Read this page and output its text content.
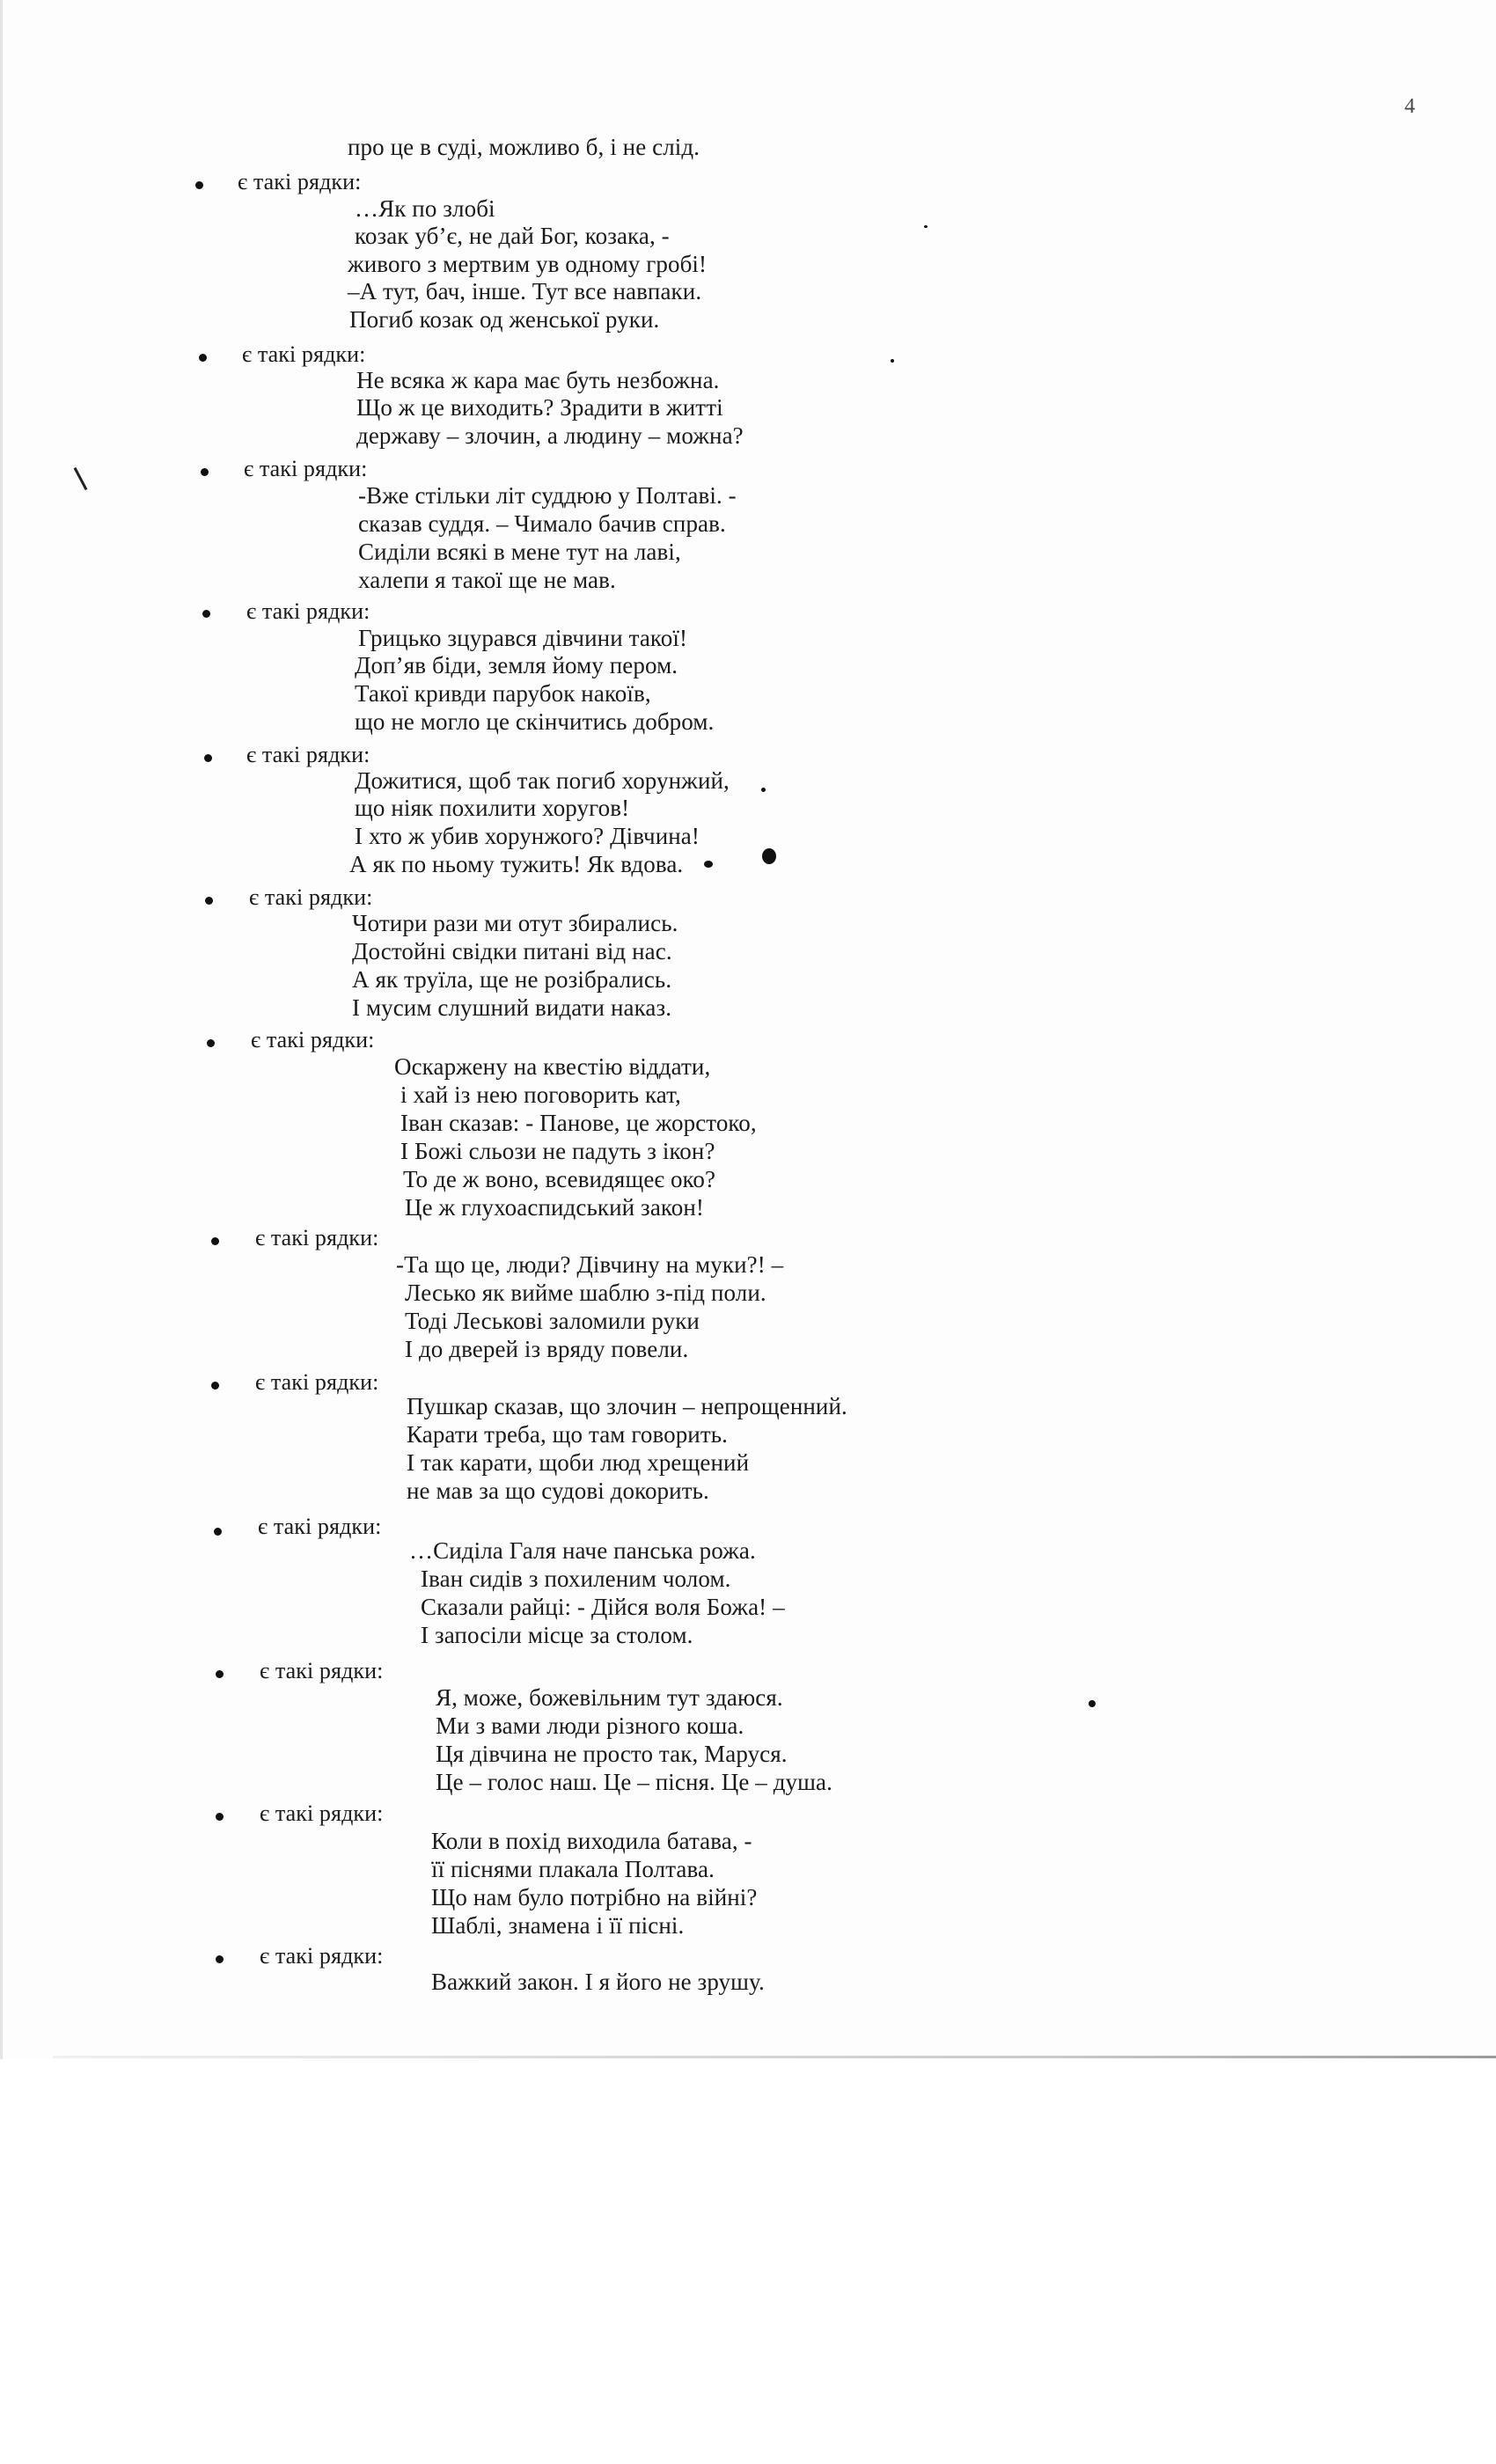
4
про це в суді, можливо б, і не слід.
є такі рядки:
…Як по злобі
козак уб’є, не дай Бог, козака, -
живого з мертвим ув одному гробі!
–А тут, бач, інше. Тут все навпаки.
Погиб козак од женської руки.
є такі рядки:
Не всяка ж кара має буть незбожна.
Що ж це виходить? Зрадити в житті
державу – злочин, а людину – можна?
є такі рядки:
-Вже стільки літ суддюю у Полтаві. -
сказав суддя. – Чимало бачив справ.
Сиділи всякі в мене тут на лаві,
халепи я такої ще не мав.
є такі рядки:
Грицько зцурався дівчини такої!
Доп’яв біди, земля йому пером.
Такої кривди парубок накоїв,
що не могло це скінчитись добром.
є такі рядки:
Дожитися, щоб так погиб хорунжий,
що ніяк похилити хоругов!
І хто ж убив хорунжого? Дівчина!
А як по ньому тужить! Як вдова.
є такі рядки:
Чотири рази ми отут збирались.
Достойні свідки питані від нас.
А як труїла, ще не розібрались.
І мусим слушний видати наказ.
є такі рядки:
Оскаржену на квестію віддати,
і хай із нею поговорить кат,
Іван сказав: - Панове, це жорстоко,
І Божі сльози не падуть з ікон?
То де ж воно, всевидящеє око?
Це ж глухоаспидський закон!
є такі рядки:
-Та що це, люди? Дівчину на муки?! –
Лесько як вийме шаблю з-під поли.
Тоді Леськові заломили руки
І до дверей із вряду повели.
є такі рядки:
Пушкар сказав, що злочин – непрощенний.
Карати треба, що там говорить.
І так карати, щоби люд хрещений
не мав за що судові докорить.
є такі рядки:
…Сиділа Галя наче панська рожа.
Іван сидів з похиленим чолом.
Сказали райці: - Дійся воля Божа! –
І запосіли місце за столом.
є такі рядки:
Я, може, божевільним тут здаюся.
Ми з вами люди різного коша.
Ця дівчина не просто так, Маруся.
Це – голос наш. Це – пісня. Це – душа.
є такі рядки:
Коли в похід виходила батава, -
її піснями плакала Полтава.
Що нам було потрібно на війні?
Шаблі, знамена і її пісні.
є такі рядки:
Важкий закон. І я його не зрушу.
